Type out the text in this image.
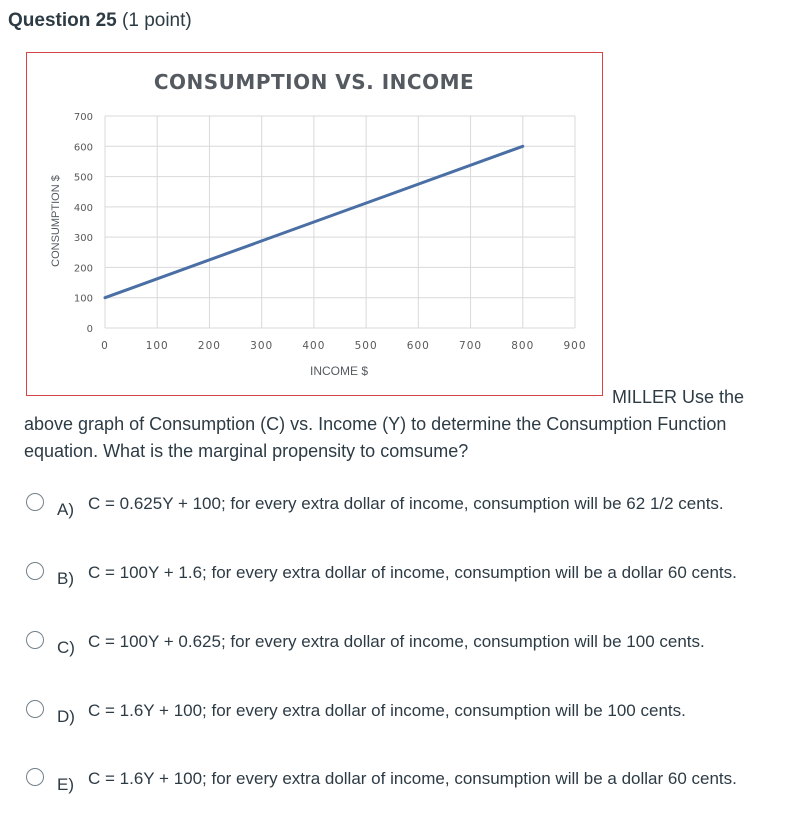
Question 25 (1 point)
CONSUMPTION VS. INCOME
CONSUMPTION $
INCOME $
0
100
200
300
400
500
600
700
0	100	200	300	400	500	600	700	800	900
MILLER Use the
above graph of Consumption (C) vs. Income (Y) to determine the Consumption Function equation. What is the marginal propensity to comsume?
A) C = 0.625Y + 100; for every extra dollar of income, consumption will be 62 1/2 cents.
B) C = 100Y + 1.6; for every extra dollar of income, consumption will be a dollar 60 cents.
C) C = 100Y + 0.625; for every extra dollar of income, consumption will be 100 cents.
D) C = 1.6Y + 100; for every extra dollar of income, consumption will be 100 cents.
E) C = 1.6Y + 100; for every extra dollar of income, consumption will be a dollar 60 cents.
